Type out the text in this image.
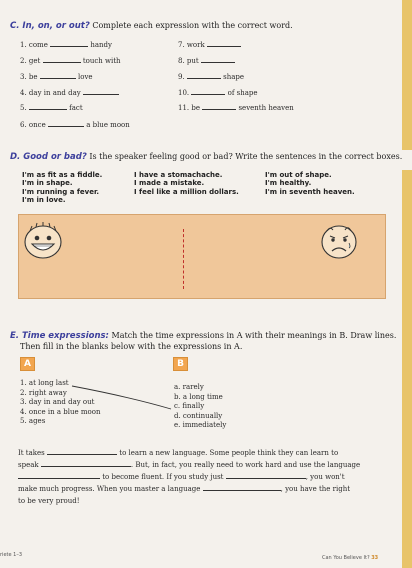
C. In, on, or out? Complete each expression with the correct word.
1. come	handy
2. get	touch with
3. be	love
4. day in and day
5.	fact
6. once	a blue moon
7. work
8. put
9.	shape
10.	of shape
11. be	seventh heaven
D. Good or bad? Is the speaker feeling good or bad? Write the sentences in the correct boxes.
I'm as fit as a fiddle.
I'm in shape.
I'm running a fever.
I'm in love.
I have a stomachache.
I made a mistake.
I feel like a million dollars.
I'm out of shape.
I'm healthy.
I'm in seventh heaven.
E. Time expressions: Match the time expressions in A with their meanings in B. Draw lines.
Then fill in the blanks below with the expressions in A.
A	B
1. at long last
2. right away
3. day in and day out
4. once in a blue moon
5. ages
a. rarely
b. a long time
c. finally
d. continually
e. immediately
It takes	to learn a new language. Some people think they can learn to
speak	. But, in fact, you really need to work hard and use the language
to become fluent. If you study just	, you won't
make much progress. When you master a language	, you have the right
to be very proud!
riete 1–3	Can You Believe It? 33
